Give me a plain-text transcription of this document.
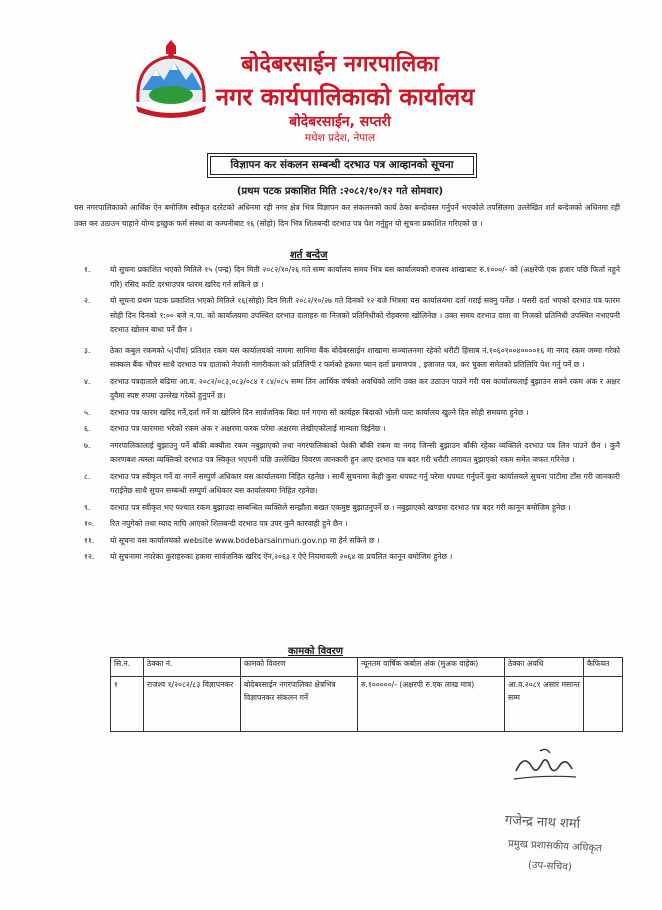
बोदेबरसाईन नगरपालिका
नगर कार्यपालिकाको कार्यालय
बोदेबरसाईन, सप्तरी
मधेश प्रदेश, नेपाल
विज्ञापन कर संकलन सम्बन्धी दरभाउ पत्र आव्हानको सूचना
(प्रथम पटक प्रकाशित मिति :२०८२/१०/१२ गते सोमवार)
यस नगरपालिकाको आर्थिक ऐन बमोजिम स्वीकृत दररेटको अधिनमा रही नगर क्षेत्र भित्र विज्ञापन कर संकलनको कार्य ठेका बन्दोवस्त गर्नुपर्ने भएकोले तपसिलमा उल्लेखित शर्त बन्देजको अधिनमा रही उक्त कर उठाउन चाहाने योग्य इच्छुक फर्म संस्था वा कम्पनीबाट १६ (सोहो) दिन भित्र शिलबन्दी दरभाउ पत्र पेश गर्नुहुन यो सूचना प्रकाशित गरिएको छ ।
शर्त बन्देज
१.	यो सुचना प्रकाशित भएको मितिले १५ (पन्द्र) दिन मिती २०८२/१०/२६ गते सम्म कार्यालय समय भित्र यस कार्यालयको राजस्व शाखाबाट रु.१०००/- को (अक्षरेपी एक हजार पछि फिर्ता नहुने गरि) रसिद काटि दरभाउपत्र फारम खरिद गर्न सकिने छ ।
२.	यो सूचना प्रथम पटक प्रकाशित भएको मितिले १६(सोहो) दिन मिती २०८२/१०/२७ गते दिनको १२ बजे भित्रमा यस कार्यालयमा दर्ता गराई सक्नु पर्नेछ । यसरी दर्ता भएको दरभाउ पत्र फारम सोही दिन दिनको १:०० बजे न.पा. को कार्यालयमा उपस्थित दरभाउ दाताहरु वा निजको प्रतिनिधीको रोहबरमा खोलिनेछ । उक्त समय दरभाउ दाता वा निजको प्रतिनिधी उपस्थित नभएपनी दरभाउ खोलन बाधा पर्ने छैन ।
३.	ठेका कबुल रकमको ५(पाँच) प्रतिशत रकम यस कार्यालयको नाममा सानिमा बैंक बोदेबरसाईन शाखामा सञ्चालनमा रहेको धरौटी हिसाब नं.१०६०१००४००००१६ मा नगद रकम जम्मा गरेको सक्कल बैंक भौचर साथै दरभाउ पत्र दाताको नेपाली नागरीकता को प्रतिलिपी र फर्मको हकमा प्यान दर्ता प्रमाणपत्र , इजाजत पत्र, कर चुक्ता समेतको प्रतिलिपि पेश गर्नु पर्ने छ ।
४.	दरभाउ पत्रदाताले बढिमा आ.व. २०८२/०८३,०८३/०८४ र ८४/०८५ सम्म तिन आर्थिक वर्षको अवधिको लागि उक्त कर उठाउन पाउने गरी यस कार्यालयलाई बुझाउन सक्ने रकम अंक र अक्षर दुवैमा स्पष्ट रुपमा उल्लेख गरेको हुनुपर्ने छ।
५.	दरभाउ पत्र फारम खरिद गर्ने,दर्ता गर्ने वा खोलिने दिन सार्वजनिक बिदा पर्न गएमा सो कार्यहरु बिदाको भोली पल्ट कार्यालय खुल्ने दिन सोही समयमा हुनेछ ।
६.	दरभाउ पत्र फारममा भरेको रकम अंक र अक्षरमा फरक परेमा अक्षरमा लेखीएकोलाई मान्यता दिईनेछ ।
७.	नगरपालिकालाई बुझाउनु पर्ने बाँकी बक्यौता रकम नबुझाएको तथा नगरपालिकाको पेश्की बाँकी रकम वा नगद जिन्सी बुझाउन बाँकी रहेका व्यक्तिले दरभाउ पत्र लिन पाउने छैन । कुनै कारणबश त्यस्ता व्यक्तिको दरभाउ पत्र स्विकृत भएपनी पछि उल्लेखित विवरण जानकारी हुन आए दरभाउ पत्र बदर गरी धरौटी लगायत बुझाएको रकम समेत जफत गरिनेछ ।
८.	दरभाउ पत्र स्वीकृत गर्ने वा नगर्ने सम्पुर्ण अधिकार यस कार्यालयमा निहित रहनेछ । सार्थै सुचनामा केही कुरा थपघट गर्नु परेमा थपघट गर्नुपर्ने कुरा कार्यालयले सुचना पाटीमा टाँस गरी जानकारी गराईनेछ साथै सुचन सम्बन्धी सम्पुर्ण अधिकार यस कार्यालयमा निहित रहनेछ।
९.	दरभाउ पत्र स्वीकृत भए पश्चात रकम बुझाउदा सम्बन्धित व्यक्तिले सम्झौता बखत एकमुष्ट बुझाउनुपर्ने छ । नबुझाएको खण्डमा दरभाउ पत्र बदर गरी कानून बमोजिम हुनेछ ।
१०.	रित नपुगेको तथा म्याद नाघि आएको शिलबन्दी दरभाउ पत्र उपर कुनै कारवाही हुने छैन ।
११.	यो सूचना यस कार्यालयको website www.bodebarsainmun.gov.np मा हेर्न सकिने छ ।
१२.	यो सुचनामा नपरेका कुराहरुका हकमा सार्वजनिक खरिद ऐन,२०६३ र ऐऐ नियमावली २०६४ वा प्रचलित कानून बमोजिम हुनेछ ।
कामको विवरण
सि.न.	ठेक्का नं.	कामको विवरण	न्यूनतम वार्षिक कबोल अंक (मुअक वाहेक)	ठेक्का अवधि	कैफियत
१	राजश्व १/२०८२/८३ विज्ञापनकर	बोदेबरसाईन नगरपालिका क्षेत्रभित्र विज्ञापनकर संकलन गर्ने	रु.१०००००/- (अक्षरपी रु.एक लाख मात्र)	आ.व.२०८१ असार मसान्त सम्म	
गजेन्द्र नाथ शर्मा
प्रमुख प्रशासकीय अधिकृत
(उप-सचिव)
